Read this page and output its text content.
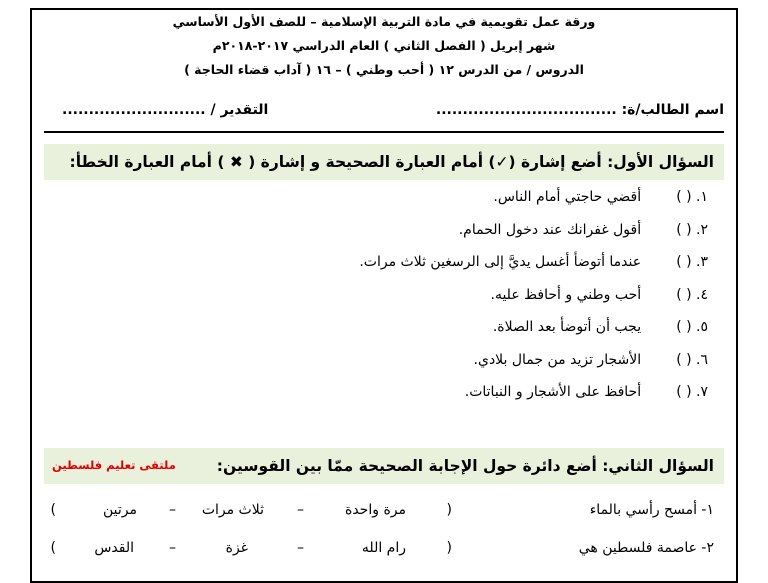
ورقة عمل تقويمية في مادة التربية الإسلامية – للصف الأول الأساسي
شهر إبريل ( الفصل الثاني ) العام الدراسي ٢٠١٧-٢٠١٨م
الدروس / من الدرس ١٢ ( أحب وطني ) – ١٦ ( آداب قضاء الحاجة )
اسم الطالب/ة: ..................................
التقدير / ...........................
السؤال الأول: أضع إشارة (✓) أمام العبارة الصحيحة و إشارة ( ✖ ) أمام العبارة الخطأ:
١. ( ) أقضي حاجتي أمام الناس.
٢. ( ) أقول غفرانك عند دخول الحمام.
٣. ( ) عندما أتوضأ أغسل يديَّ إلى الرسغين ثلاث مرات.
٤. ( ) أحب وطني و أحافظ عليه.
٥. ( ) يجب أن أتوضأ بعد الصلاة.
٦. ( ) الأشجار تزيد من جمال بلادي.
٧. ( ) أحافظ على الأشجار و النباتات.
السؤال الثاني: أضع دائرة حول الإجابة الصحيحة ممّا بين القوسين:
ملتقى تعليم فلسطين
١- أمسح رأسي بالماء
(
مرة واحدة
–
ثلاث مرات
–
مرتين
)
٢- عاصمة فلسطين هي
(
رام الله
–
غزة
–
القدس
)
